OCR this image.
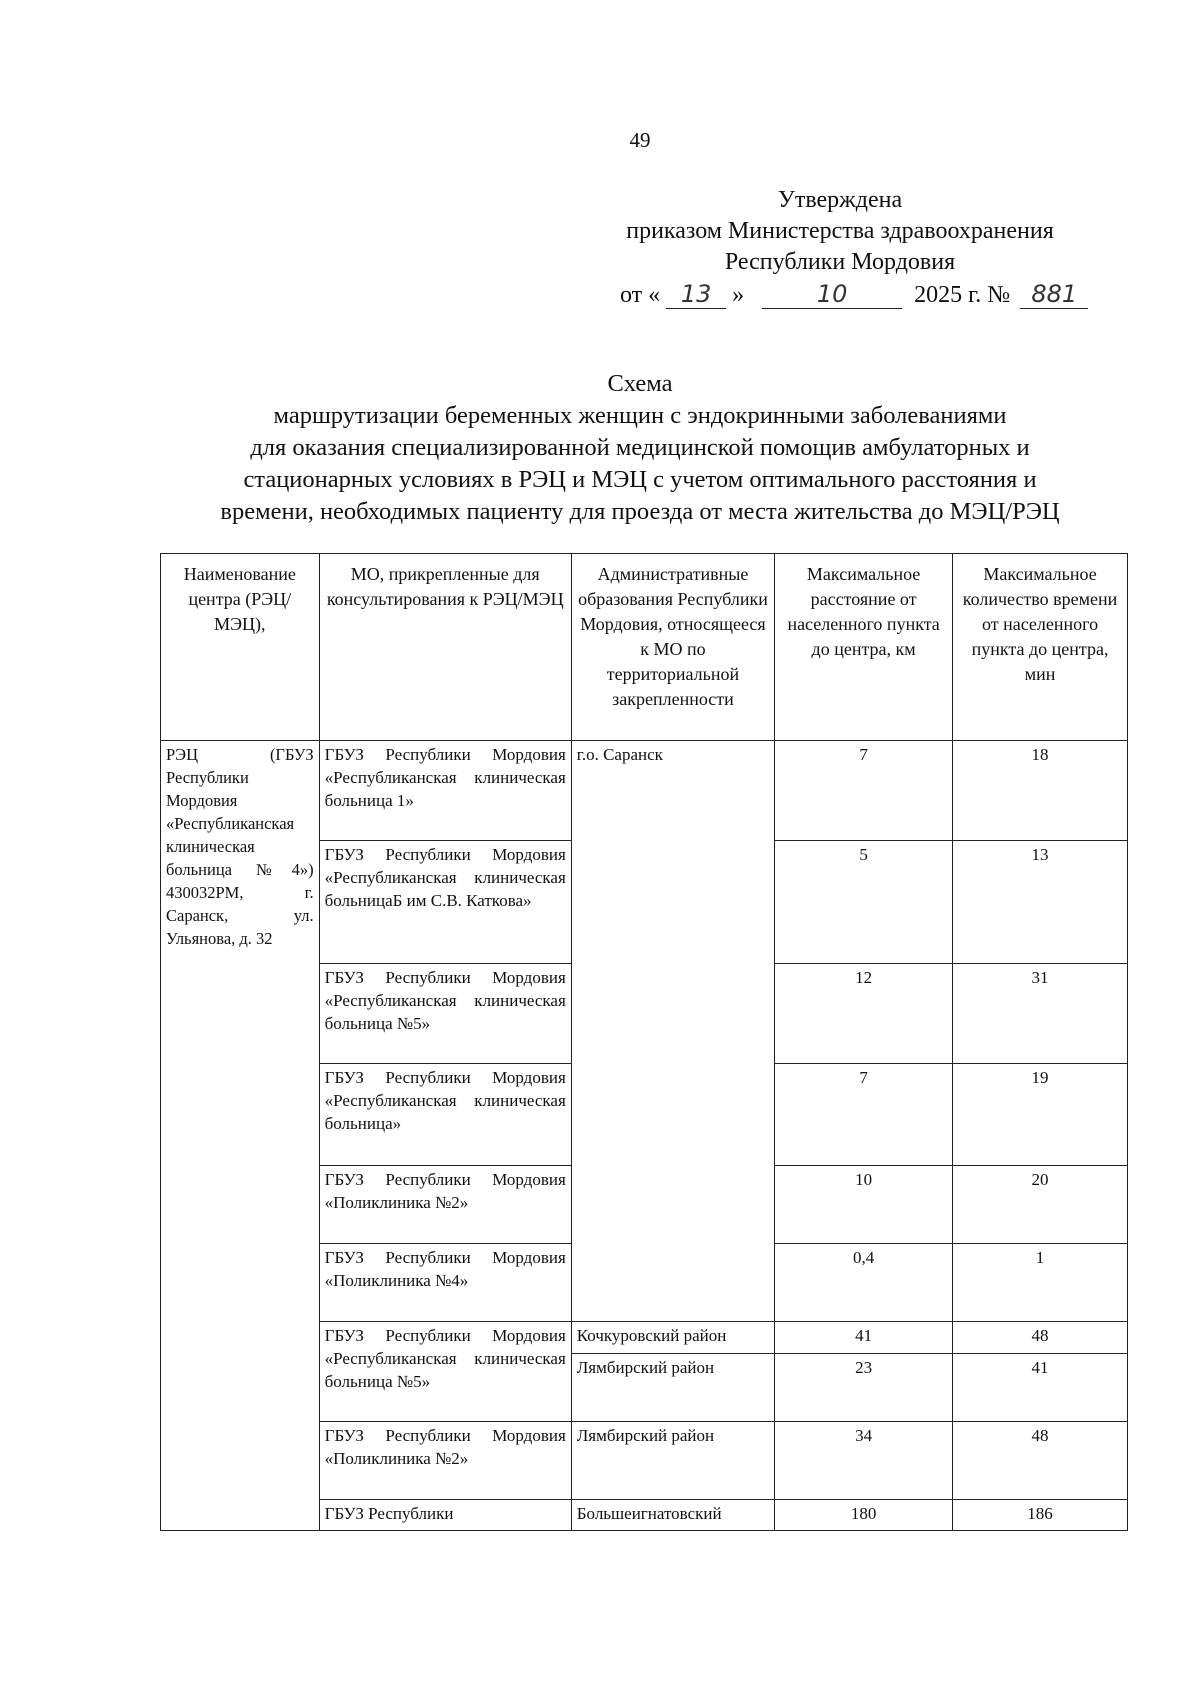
49
Утверждена
приказом Министерства здравоохранения
Республики Мордовия
от « 13 »	10	2025 г. № 881
Схема
маршрутизации беременных женщин с эндокринными заболеваниями
для оказания специализированной медицинской помощив амбулаторных и
стационарных условиях в РЭЦ и МЭЦ с учетом оптимального расстояния и
времени, необходимых пациенту для проезда от места жительства до МЭЦ/РЭЦ
Наименование центра (РЭЦ/МЭЦ),	МО, прикрепленные для консультирования к РЭЦ/МЭЦ	Административные образования Республики Мордовия, относящееся к МО по территориальной закрепленности	Максимальное расстояние от населенного пункта до центра, км	Максимальное количество времени от населенного пункта до центра, мин
РЭЦ (ГБУЗ Республики Мордовия «Республиканская клиническая больница №4») 430032РМ, г. Саранск, ул. Ульянова, д. 32	ГБУЗ Республики Мордовия «Республиканская клиническая больница 1»	г.о. Саранск	7	18
	ГБУЗ Республики Мордовия «Республиканская клиническая больницаБ им С.В. Каткова»		5	13
	ГБУЗ Республики Мордовия «Республиканская клиническая больница №5»		12	31
	ГБУЗ Республики Мордовия «Республиканская клиническая больница»		7	19
	ГБУЗ Республики Мордовия «Поликлиника №2»		10	20
	ГБУЗ Республики Мордовия «Поликлиника №4»		0,4	1
	ГБУЗ Республики Мордовия «Республиканская клиническая больница №5»	Кочкуровский район	41	48
		Лямбирский район	23	41
	ГБУЗ Республики Мордовия «Поликлиника №2»	Лямбирский район	34	48
	ГБУЗ Республики	Большеигнатовский	180	186
